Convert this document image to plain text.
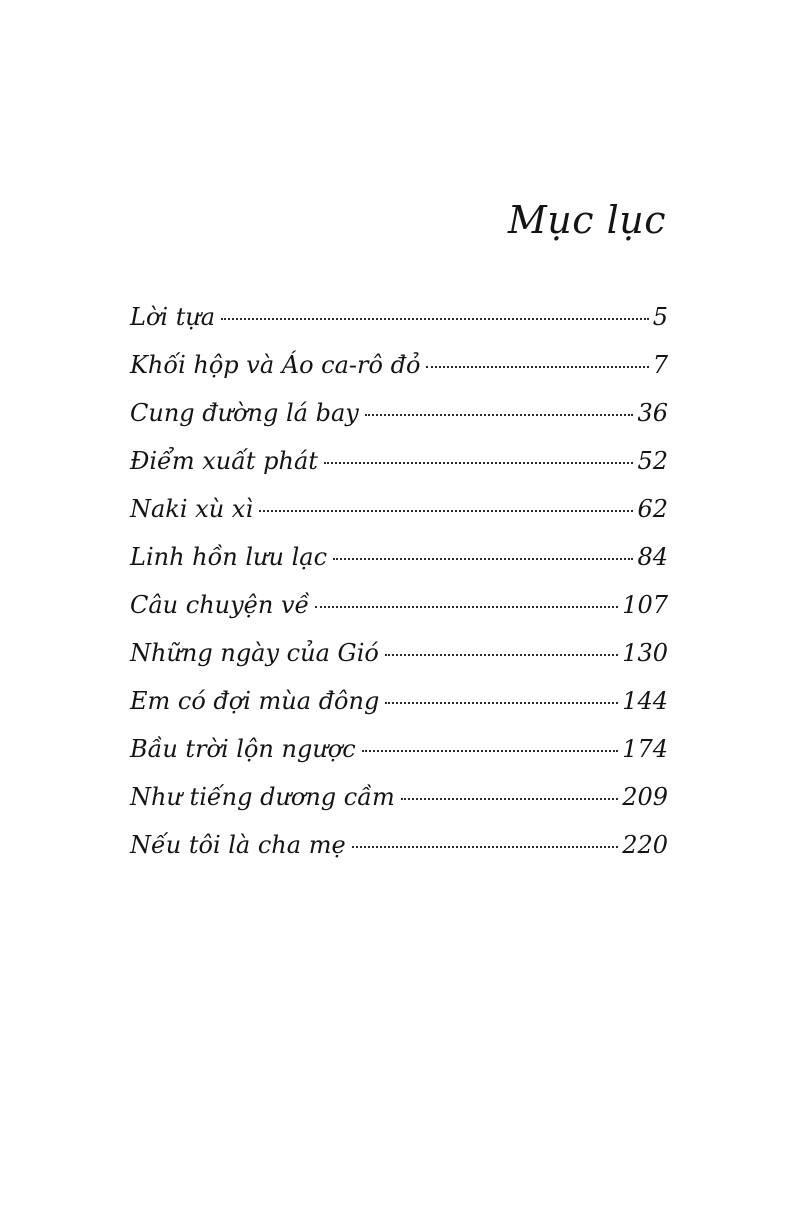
Mục lục
Lời tựa	5
Khối hộp và Áo ca-rô đỏ	7
Cung đường lá bay	36
Điểm xuất phát	52
Naki xù xì	62
Linh hồn lưu lạc	84
Câu chuyện về	107
Những ngày của Gió	130
Em có đợi mùa đông	144
Bầu trời lộn ngược	174
Như tiếng dương cầm	209
Nếu tôi là cha mẹ	220
